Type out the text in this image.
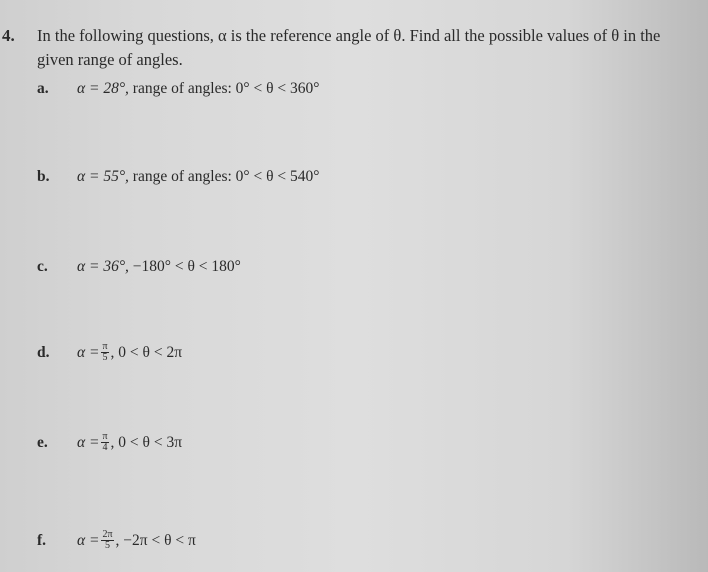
4. In the following questions, α is the reference angle of θ. Find all the possible values of θ in the given range of angles.
a.	α = 28°,
range of angles: 0° < θ < 360°
b.	α = 55°,
range of angles: 0° < θ < 540°
c.	α = 36°,
−180° < θ < 180°
d.	$\alpha = \frac{\pi}{5}$ , 0 < θ < 2π
e.	$\alpha = \frac{\pi}{4}$ , 0 < θ < 3π
f.	$\alpha = \frac{2\pi}{5}$ , −2π < θ < π
